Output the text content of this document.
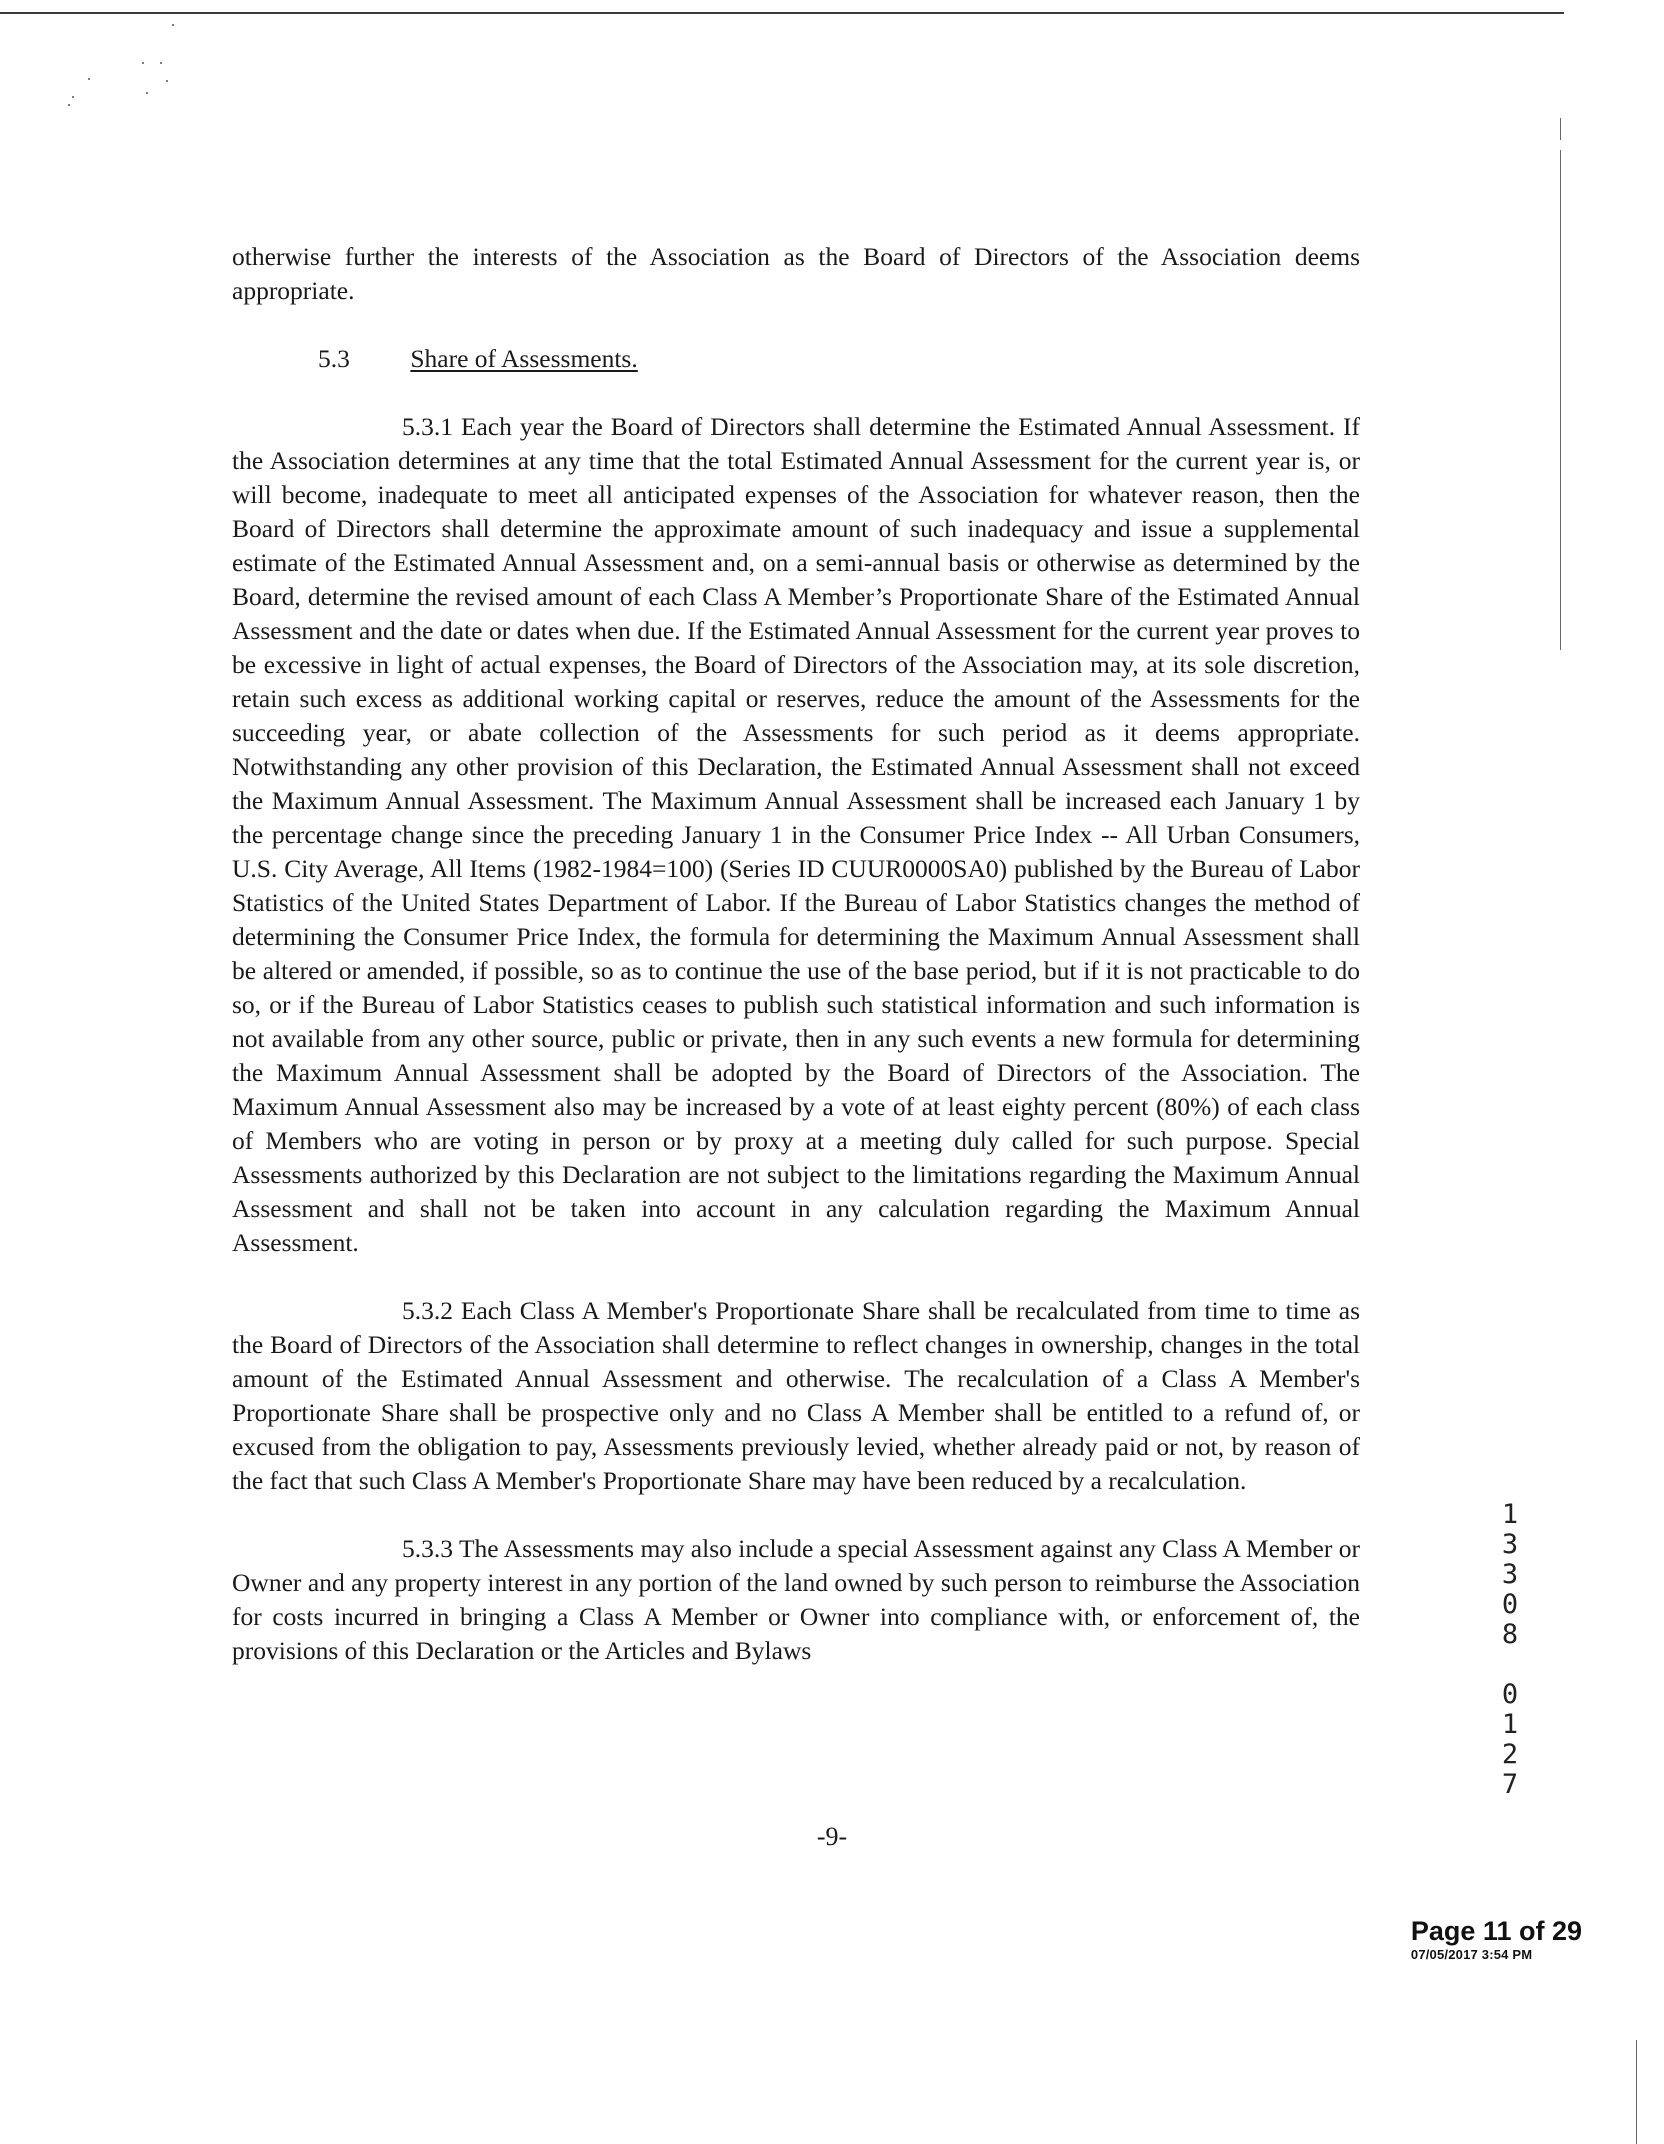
otherwise further the interests of the Association as the Board of Directors of the Association deems appropriate.

5.3 Share of Assessments.

5.3.1 Each year the Board of Directors shall determine the Estimated Annual Assessment. If the Association determines at any time that the total Estimated Annual Assessment for the current year is, or will become, inadequate to meet all anticipated expenses of the Association for whatever reason, then the Board of Directors shall determine the approximate amount of such inadequacy and issue a supplemental estimate of the Estimated Annual Assessment and, on a semi-annual basis or otherwise as determined by the Board, determine the revised amount of each Class A Member’s Proportionate Share of the Estimated Annual Assessment and the date or dates when due. If the Estimated Annual Assessment for the current year proves to be excessive in light of actual expenses, the Board of Directors of the Association may, at its sole discretion, retain such excess as additional working capital or reserves, reduce the amount of the Assessments for the succeeding year, or abate collection of the Assessments for such period as it deems appropriate. Notwithstanding any other provision of this Declaration, the Estimated Annual Assessment shall not exceed the Maximum Annual Assessment. The Maximum Annual Assessment shall be increased each January 1 by the percentage change since the preceding January 1 in the Consumer Price Index -- All Urban Consumers, U.S. City Average, All Items (1982-1984=100) (Series ID CUUR0000SA0) published by the Bureau of Labor Statistics of the United States Department of Labor. If the Bureau of Labor Statistics changes the method of determining the Consumer Price Index, the formula for determining the Maximum Annual Assessment shall be altered or amended, if possible, so as to continue the use of the base period, but if it is not practicable to do so, or if the Bureau of Labor Statistics ceases to publish such statistical information and such information is not available from any other source, public or private, then in any such events a new formula for determining the Maximum Annual Assessment shall be adopted by the Board of Directors of the Association. The Maximum Annual Assessment also may be increased by a vote of at least eighty percent (80%) of each class of Members who are voting in person or by proxy at a meeting duly called for such purpose. Special Assessments authorized by this Declaration are not subject to the limitations regarding the Maximum Annual Assessment and shall not be taken into account in any calculation regarding the Maximum Annual Assessment.

5.3.2 Each Class A Member's Proportionate Share shall be recalculated from time to time as the Board of Directors of the Association shall determine to reflect changes in ownership, changes in the total amount of the Estimated Annual Assessment and otherwise. The recalculation of a Class A Member's Proportionate Share shall be prospective only and no Class A Member shall be entitled to a refund of, or excused from the obligation to pay, Assessments previously levied, whether already paid or not, by reason of the fact that such Class A Member's Proportionate Share may have been reduced by a recalculation.

5.3.3 The Assessments may also include a special Assessment against any Class A Member or Owner and any property interest in any portion of the land owned by such person to reimburse the Association for costs incurred in bringing a Class A Member or Owner into compliance with, or enforcement of, the provisions of this Declaration or the Articles and Bylaws

-9-
1
3
3
0
8
0
1
2
7
Page 11 of 29
07/05/2017 3:54 PM
